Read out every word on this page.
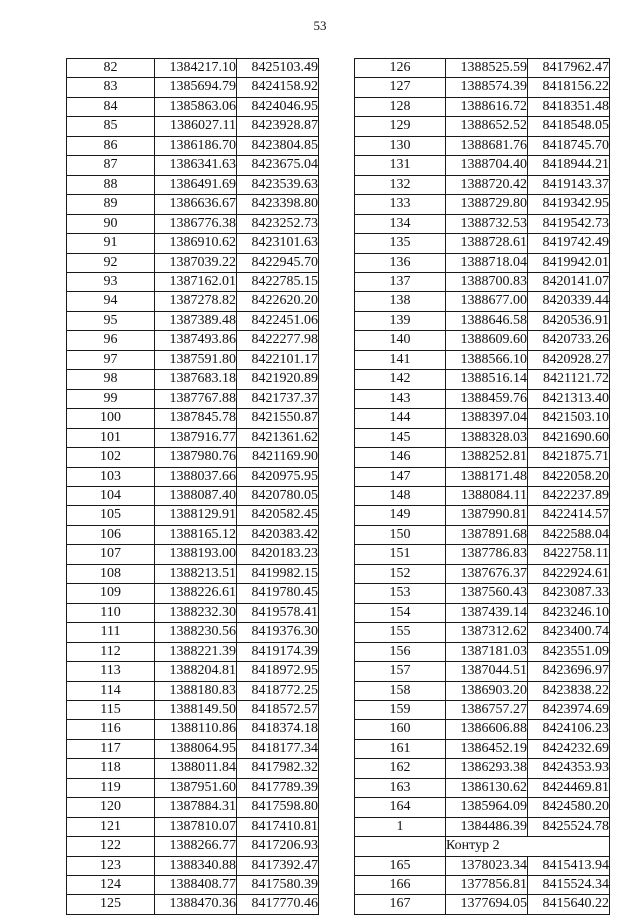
53
82	1384217.10	8425103.49
83	1385694.79	8424158.92
84	1385863.06	8424046.95
85	1386027.11	8423928.87
86	1386186.70	8423804.85
87	1386341.63	8423675.04
88	1386491.69	8423539.63
89	1386636.67	8423398.80
90	1386776.38	8423252.73
91	1386910.62	8423101.63
92	1387039.22	8422945.70
93	1387162.01	8422785.15
94	1387278.82	8422620.20
95	1387389.48	8422451.06
96	1387493.86	8422277.98
97	1387591.80	8422101.17
98	1387683.18	8421920.89
99	1387767.88	8421737.37
100	1387845.78	8421550.87
101	1387916.77	8421361.62
102	1387980.76	8421169.90
103	1388037.66	8420975.95
104	1388087.40	8420780.05
105	1388129.91	8420582.45
106	1388165.12	8420383.42
107	1388193.00	8420183.23
108	1388213.51	8419982.15
109	1388226.61	8419780.45
110	1388232.30	8419578.41
111	1388230.56	8419376.30
112	1388221.39	8419174.39
113	1388204.81	8418972.95
114	1388180.83	8418772.25
115	1388149.50	8418572.57
116	1388110.86	8418374.18
117	1388064.95	8418177.34
118	1388011.84	8417982.32
119	1387951.60	8417789.39
120	1387884.31	8417598.80
121	1387810.07	8417410.81
122	1388266.77	8417206.93
123	1388340.88	8417392.47
124	1388408.77	8417580.39
125	1388470.36	8417770.46
126	1388525.59	8417962.47
127	1388574.39	8418156.22
128	1388616.72	8418351.48
129	1388652.52	8418548.05
130	1388681.76	8418745.70
131	1388704.40	8418944.21
132	1388720.42	8419143.37
133	1388729.80	8419342.95
134	1388732.53	8419542.73
135	1388728.61	8419742.49
136	1388718.04	8419942.01
137	1388700.83	8420141.07
138	1388677.00	8420339.44
139	1388646.58	8420536.91
140	1388609.60	8420733.26
141	1388566.10	8420928.27
142	1388516.14	8421121.72
143	1388459.76	8421313.40
144	1388397.04	8421503.10
145	1388328.03	8421690.60
146	1388252.81	8421875.71
147	1388171.48	8422058.20
148	1388084.11	8422237.89
149	1387990.81	8422414.57
150	1387891.68	8422588.04
151	1387786.83	8422758.11
152	1387676.37	8422924.61
153	1387560.43	8423087.33
154	1387439.14	8423246.10
155	1387312.62	8423400.74
156	1387181.03	8423551.09
157	1387044.51	8423696.97
158	1386903.20	8423838.22
159	1386757.27	8423974.69
160	1386606.88	8424106.23
161	1386452.19	8424232.69
162	1386293.38	8424353.93
163	1386130.62	8424469.81
164	1385964.09	8424580.20
1	1384486.39	8425524.78
	Контур 2	
165	1378023.34	8415413.94
166	1377856.81	8415524.34
167	1377694.05	8415640.22
